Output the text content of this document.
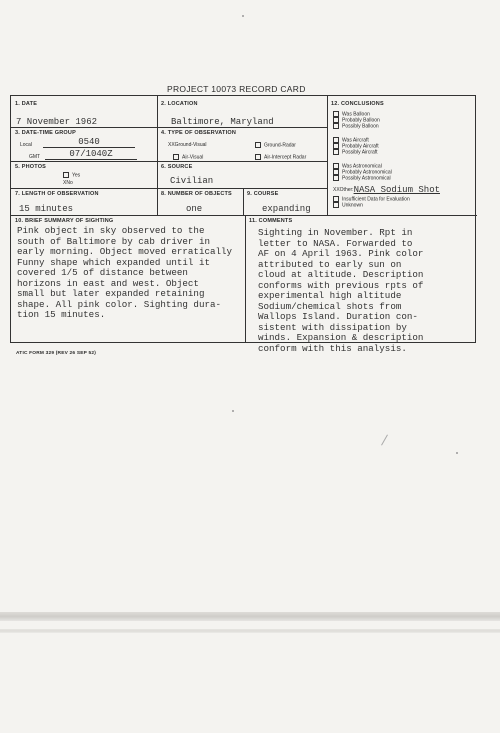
PROJECT 10073 RECORD CARD
1. DATE
7 November 1962
2. LOCATION
Baltimore, Maryland
3. DATE-TIME GROUP
Local	0540
GMT	07/1040Z
4. TYPE OF OBSERVATION
XXGround-Visual	Ground-Radar
Air-Visual	Air-Intercept Radar
5. PHOTOS
Yes
XNo
6. SOURCE
Civilian
7. LENGTH OF OBSERVATION
15 minutes
8. NUMBER OF OBJECTS
one
9. COURSE
expanding
12. CONCLUSIONS
Was Balloon
Probably Balloon
Possibly Balloon
Was Aircraft
Probably Aircraft
Possibly Aircraft
Was Astronomical
Probably Astronomical
Possibly Astronomical
XXOther:NASA Sodium Shot
Insufficient Data for Evaluation
Unknown
10. BRIEF SUMMARY OF SIGHTING
Pink object in sky observed to the
south of Baltimore by cab driver in
early morning. Object moved erratically
Funny shape which expanded until it
covered 1/5 of distance between
horizons in east and west. Object
small but later expanded retaining
shape. All pink color. Sighting dura-
tion 15 minutes.
11. COMMENTS
Sighting in November. Rpt in
letter to NASA. Forwarded to
AF on 4 April 1963. Pink color
attributed to early sun on
cloud at altitude. Description
conforms with previous rpts of
experimental high altitude
Sodium/chemical shots from
Wallops Island. Duration con-
sistent with dissipation by
winds. Expansion & description
conform with this analysis.
ATIC FORM 329 (REV 26 SEP 52)
